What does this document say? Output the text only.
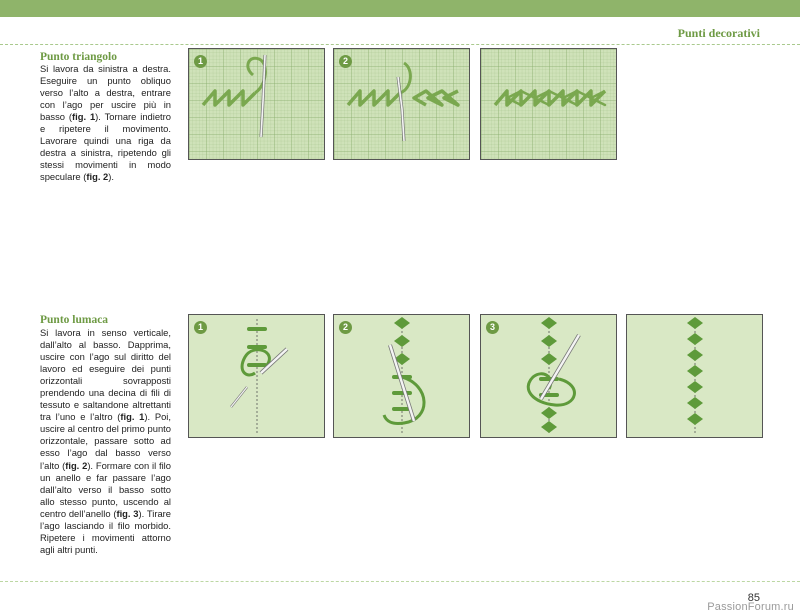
Punti decorativi
Punto triangolo
Si lavora da sinistra a destra. Eseguire un punto obliquo verso l’alto a destra, entrare con l’ago per uscire più in basso (fig. 1). Tornare indietro e ripetere il movimento. Lavorare quindi una riga da destra a sinistra, ripetendo gli stessi movimenti in modo speculare (fig. 2).
1	2
Punto lumaca
Si lavora in senso verticale, dall’alto al basso. Dapprima, uscire con l’ago sul diritto del lavoro ed eseguire dei punti orizzontali sovrapposti prendendo una decina di fili di tessuto e saltandone altrettanti tra l’uno e l’altro (fig. 1). Poi, uscire al centro del primo punto orizzontale, passare sotto ad esso l’ago dal basso verso l’alto (fig. 2). Formare con il filo un anello e far passare l’ago dall’alto verso il basso sotto allo stesso punto, uscendo al centro dell’anello (fig. 3). Tirare l’ago lasciando il filo morbido. Ripetere i movimenti attorno agli altri punti.
1	2	3
85
PassionForum.ru
